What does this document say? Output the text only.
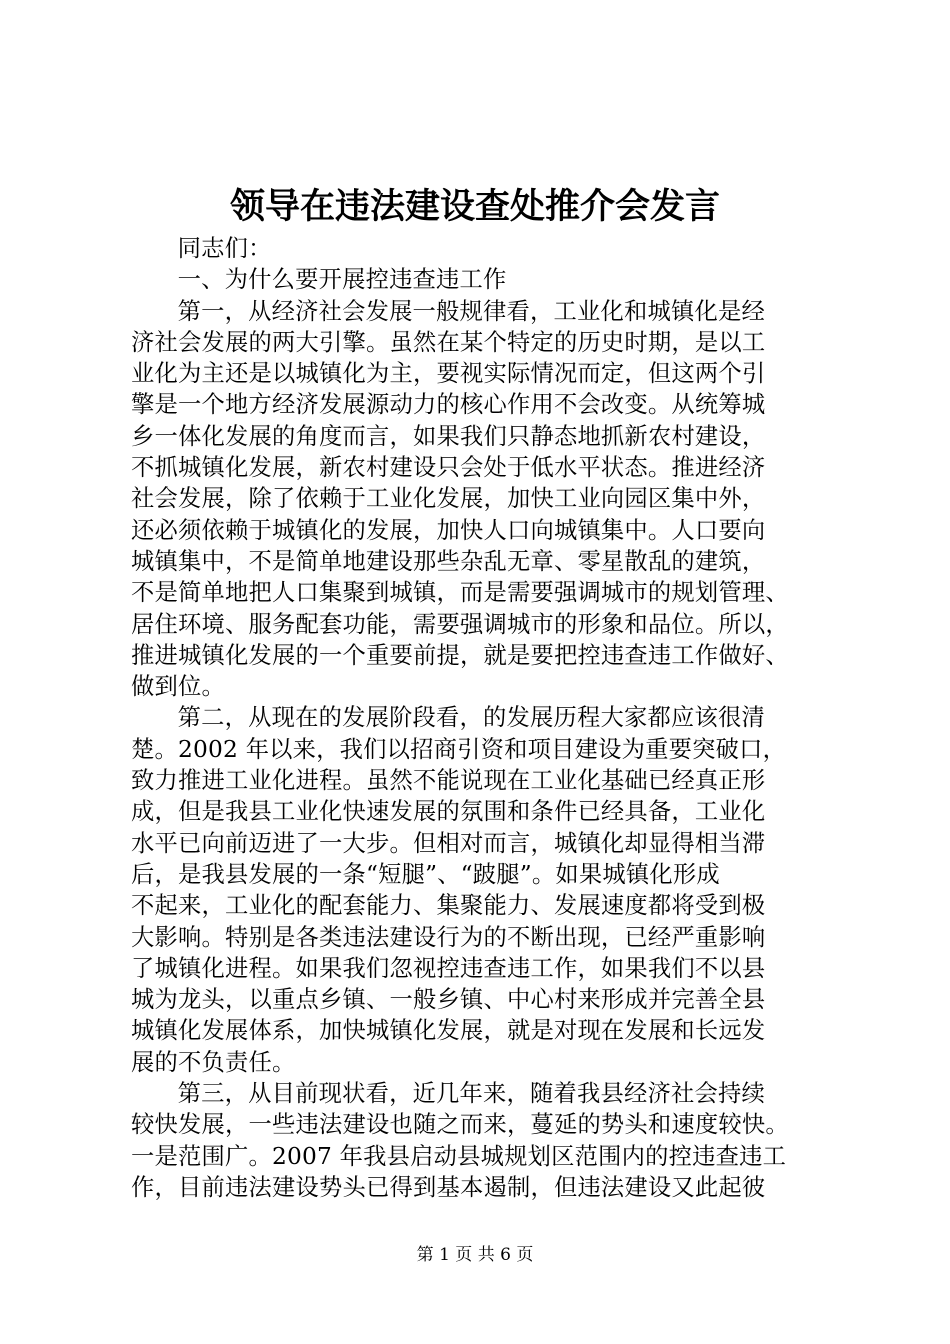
领导在违法建设查处推介会发言
同志们：
一、为什么要开展控违查违工作
第一，从经济社会发展一般规律看，工业化和城镇化是经
济社会发展的两大引擎。虽然在某个特定的历史时期，是以工
业化为主还是以城镇化为主，要视实际情况而定，但这两个引
擎是一个地方经济发展源动力的核心作用不会改变。从统筹城
乡一体化发展的角度而言，如果我们只静态地抓新农村建设，
不抓城镇化发展，新农村建设只会处于低水平状态。推进经济
社会发展，除了依赖于工业化发展，加快工业向园区集中外，
还必须依赖于城镇化的发展，加快人口向城镇集中。人口要向
城镇集中，不是简单地建设那些杂乱无章、零星散乱的建筑，
不是简单地把人口集聚到城镇，而是需要强调城市的规划管理、
居住环境、服务配套功能，需要强调城市的形象和品位。所以，
推进城镇化发展的一个重要前提，就是要把控违查违工作做好、
做到位。
第二，从现在的发展阶段看，的发展历程大家都应该很清
楚。2002 年以来，我们以招商引资和项目建设为重要突破口，
致力推进工业化进程。虽然不能说现在工业化基础已经真正形
成，但是我县工业化快速发展的氛围和条件已经具备，工业化
水平已向前迈进了一大步。但相对而言，城镇化却显得相当滞
后，是我县发展的一条“短腿”、“跛腿”。如果城镇化形成
不起来，工业化的配套能力、集聚能力、发展速度都将受到极
大影响。特别是各类违法建设行为的不断出现，已经严重影响
了城镇化进程。如果我们忽视控违查违工作，如果我们不以县
城为龙头，以重点乡镇、一般乡镇、中心村来形成并完善全县
城镇化发展体系，加快城镇化发展，就是对现在发展和长远发
展的不负责任。
第三，从目前现状看，近几年来，随着我县经济社会持续
较快发展，一些违法建设也随之而来，蔓延的势头和速度较快。
一是范围广。2007 年我县启动县城规划区范围内的控违查违工
作，目前违法建设势头已得到基本遏制，但违法建设又此起彼
第 1 页 共 6 页
